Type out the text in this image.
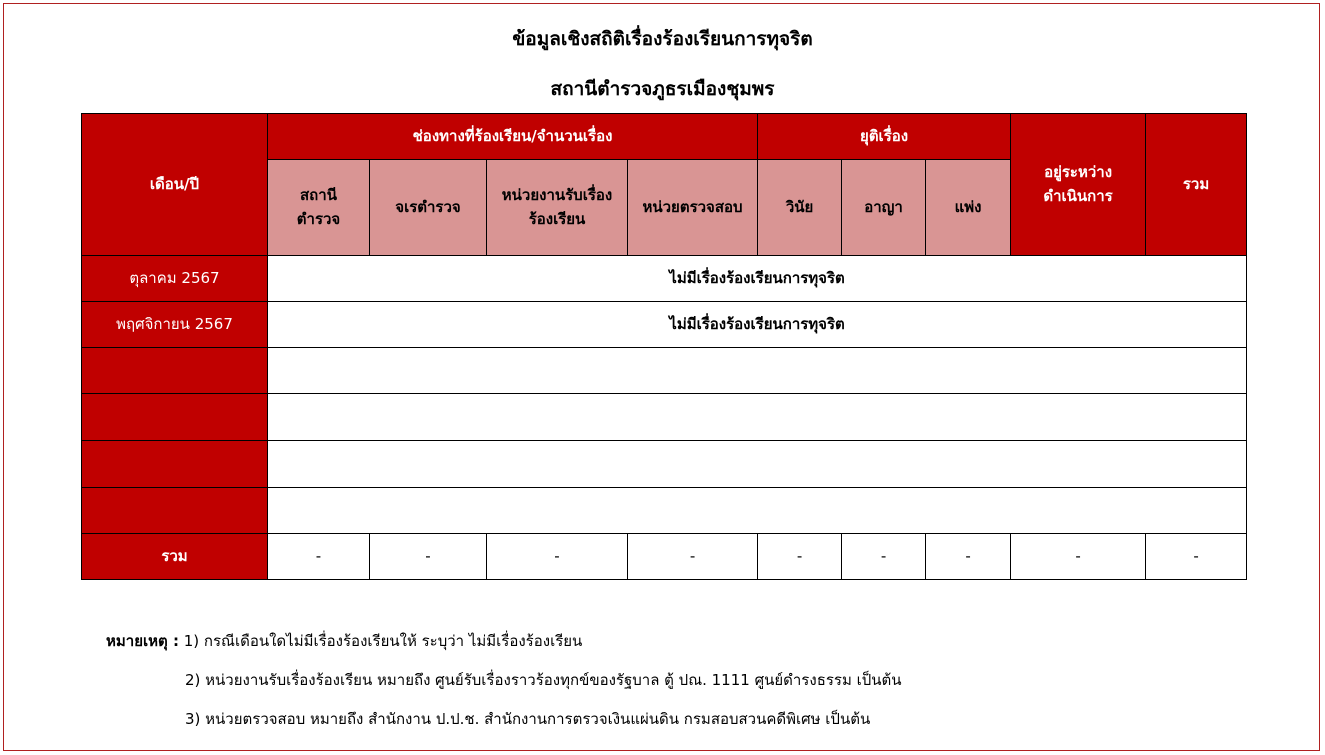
ข้อมูลเชิงสถิติเรื่องร้องเรียนการทุจริต
สถานีตำรวจภูธรเมืองชุมพร
เดือน/ปี	ช่องทางที่ร้องเรียน/จำนวนเรื่อง				ยุติเรื่อง			อยู่ระหว่าง ดำเนินการ	รวม

	สถานี ตำรวจ	จเรตำรวจ	หน่วยงานรับเรื่อง ร้องเรียน	หน่วยตรวจสอบ	วินัย	อาญา	แพ่ง		
ตุลาคม 2567	ไม่มีเรื่องร้องเรียนการทุจริต								
พฤศจิกายน 2567	ไม่มีเรื่องร้องเรียนการทุจริต								

รวม	-	-	-	-	-	-	-	-	-
หมายเหตุ : 1) กรณีเดือนใดไม่มีเรื่องร้องเรียนให้ ระบุว่า ไม่มีเรื่องร้องเรียน
2) หน่วยงานรับเรื่องร้องเรียน หมายถึง ศูนย์รับเรื่องราวร้องทุกข์ของรัฐบาล ตู้ ปณ. 1111 ศูนย์ดำรงธรรม เป็นต้น
3) หน่วยตรวจสอบ หมายถึง สำนักงาน ป.ป.ช. สำนักงานการตรวจเงินแผ่นดิน กรมสอบสวนคดีพิเศษ เป็นต้น
